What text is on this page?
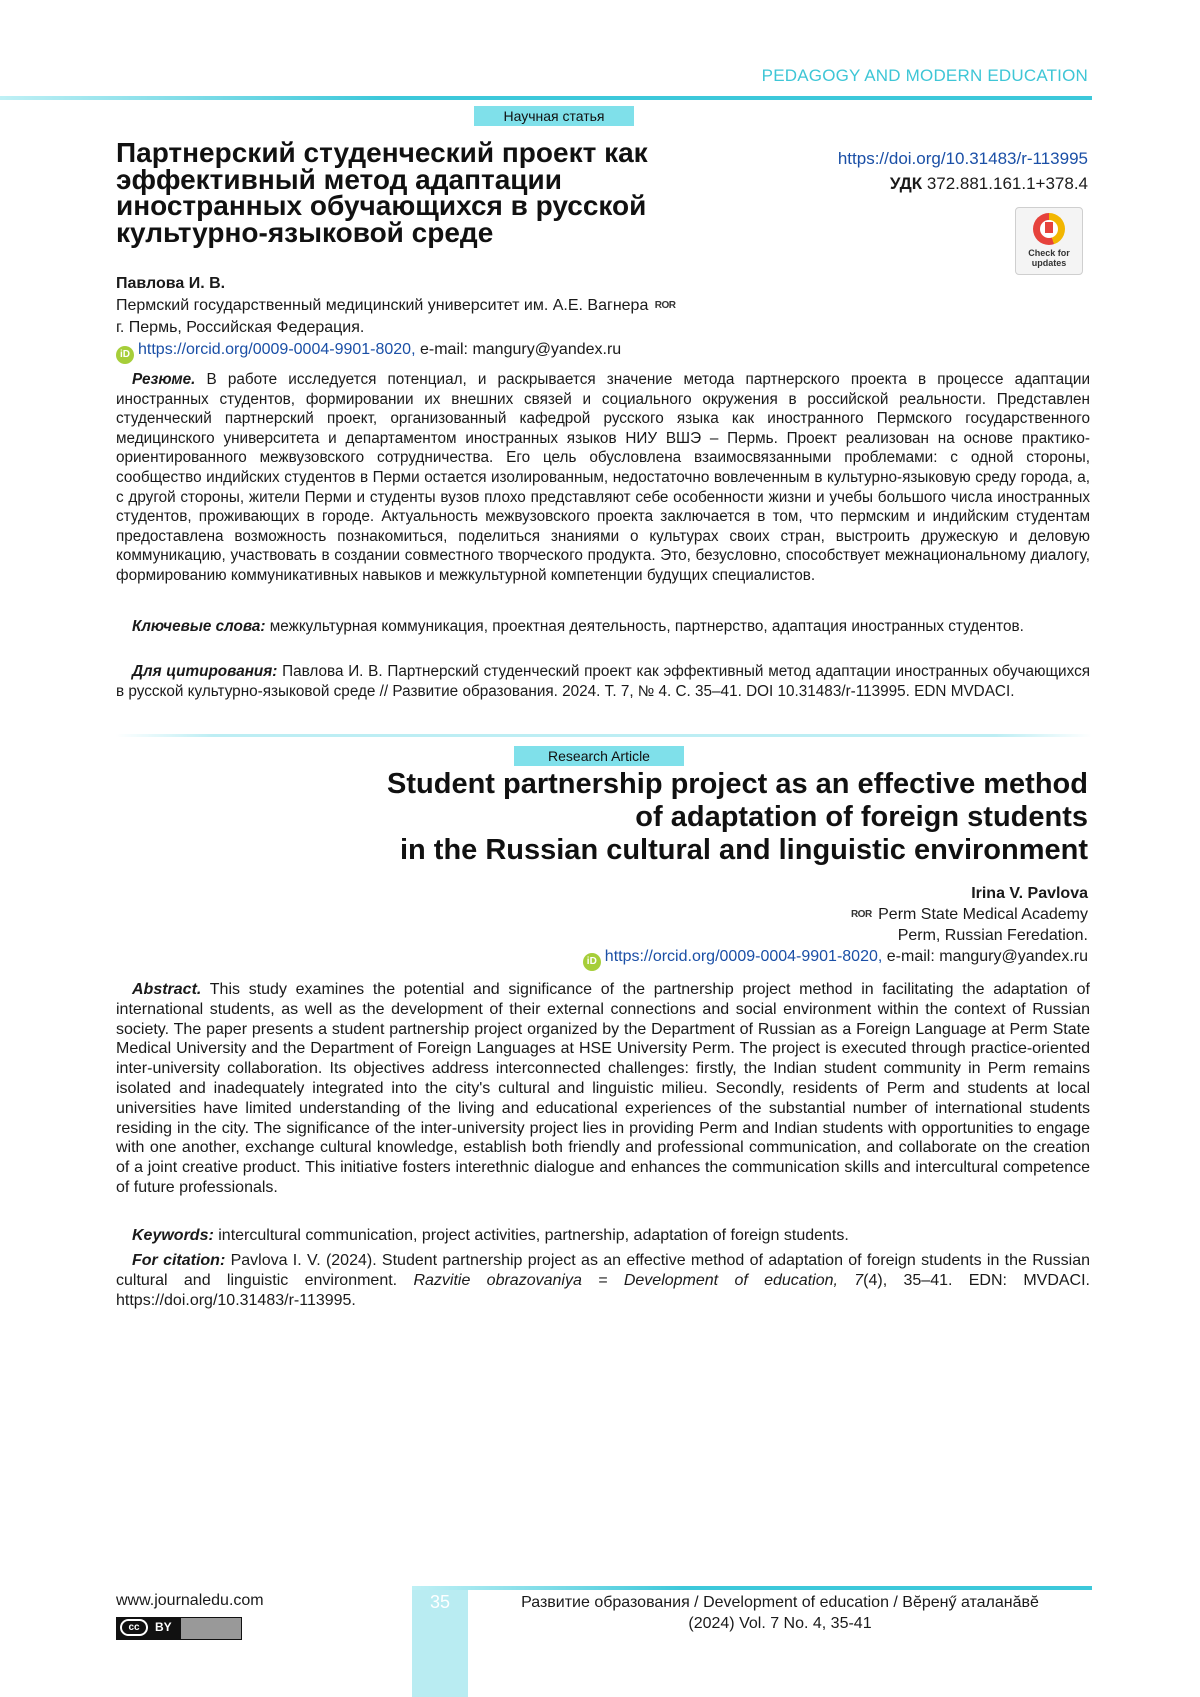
PEDAGOGY AND MODERN EDUCATION
Научная статья
Партнерский студенческий проект как эффективный метод адаптации иностранных обучающихся в русской культурно-языковой среде
https://doi.org/10.31483/r-113995
УДК 372.881.161.1+378.4
Check for
updates
Павлова И. В.
Пермский государственный медицинский университет им. А.Е. Вагнера ROR
г. Пермь, Российская Федерация.
iD https://orcid.org/0009-0004-9901-8020, e-mail: mangury@yandex.ru
Резюме. В работе исследуется потенциал, и раскрывается значение метода партнерского проекта в процессе адаптации иностранных студентов, формировании их внешних связей и социального окружения в российской реальности. Представлен студенческий партнерский проект, организованный кафедрой русского языка как иностранного Пермского государственного медицинского университета и департаментом иностранных языков НИУ ВШЭ – Пермь. Проект реализован на основе практико-ориентированного межвузовского сотрудничества. Его цель обусловлена взаимосвязанными проблемами: с одной стороны, сообщество индийских студентов в Перми остается изолированным, недостаточно вовлеченным в культурно-языковую среду города, а, с другой стороны, жители Перми и студенты вузов плохо представляют себе особенности жизни и учебы большого числа иностранных студентов, проживающих в городе. Актуальность межвузовского проекта заключается в том, что пермским и индийским студентам предоставлена возможность познакомиться, поделиться знаниями о культурах своих стран, выстроить дружескую и деловую коммуникацию, участвовать в создании совместного творческого продукта. Это, безусловно, способствует межнациональному диалогу, формированию коммуникативных навыков и межкультурной компетенции будущих специалистов.
Ключевые слова: межкультурная коммуникация, проектная деятельность, партнерство, адаптация иностранных студентов.
Для цитирования: Павлова И. В. Партнерский студенческий проект как эффективный метод адаптации иностранных обучающихся в русской культурно-языковой среде // Развитие образования. 2024. Т. 7, № 4. С. 35–41. DOI 10.31483/r-113995. EDN MVDACI.
Research Article
Student partnership project as an effective method
of adaptation of foreign students
in the Russian cultural and linguistic environment
Irina V. Pavlova
ROR Perm State Medical Academy
Perm, Russian Feredation.
iD https://orcid.org/0009-0004-9901-8020, e-mail: mangury@yandex.ru
Abstract. This study examines the potential and significance of the partnership project method in facilitating the adaptation of international students, as well as the development of their external connections and social environment within the context of Russian society. The paper presents a student partnership project organized by the Department of Russian as a Foreign Language at Perm State Medical University and the Department of Foreign Languages at HSE University Perm. The project is executed through practice-oriented inter-university collaboration. Its objectives address interconnected challenges: firstly, the Indian student community in Perm remains isolated and inadequately integrated into the city's cultural and linguistic milieu. Secondly, residents of Perm and students at local universities have limited understanding of the living and educational experiences of the substantial number of international students residing in the city. The significance of the inter-university project lies in providing Perm and Indian students with opportunities to engage with one another, exchange cultural knowledge, establish both friendly and professional communication, and collaborate on the creation of a joint creative product. This initiative fosters interethnic dialogue and enhances the communication skills and intercultural competence of future professionals.
Keywords: intercultural communication, project activities, partnership, adaptation of foreign students.
For citation: Pavlova I. V. (2024). Student partnership project as an effective method of adaptation of foreign students in the Russian cultural and linguistic environment. Razvitie obrazovaniya = Development of education, 7(4), 35–41. EDN: MVDACI. https://doi.org/10.31483/r-113995.
35
www.journaledu.com
cc	BY
Развитие образования / Development of education / Вĕренӳ аталанăвĕ
(2024) Vol. 7 No. 4, 35-41
